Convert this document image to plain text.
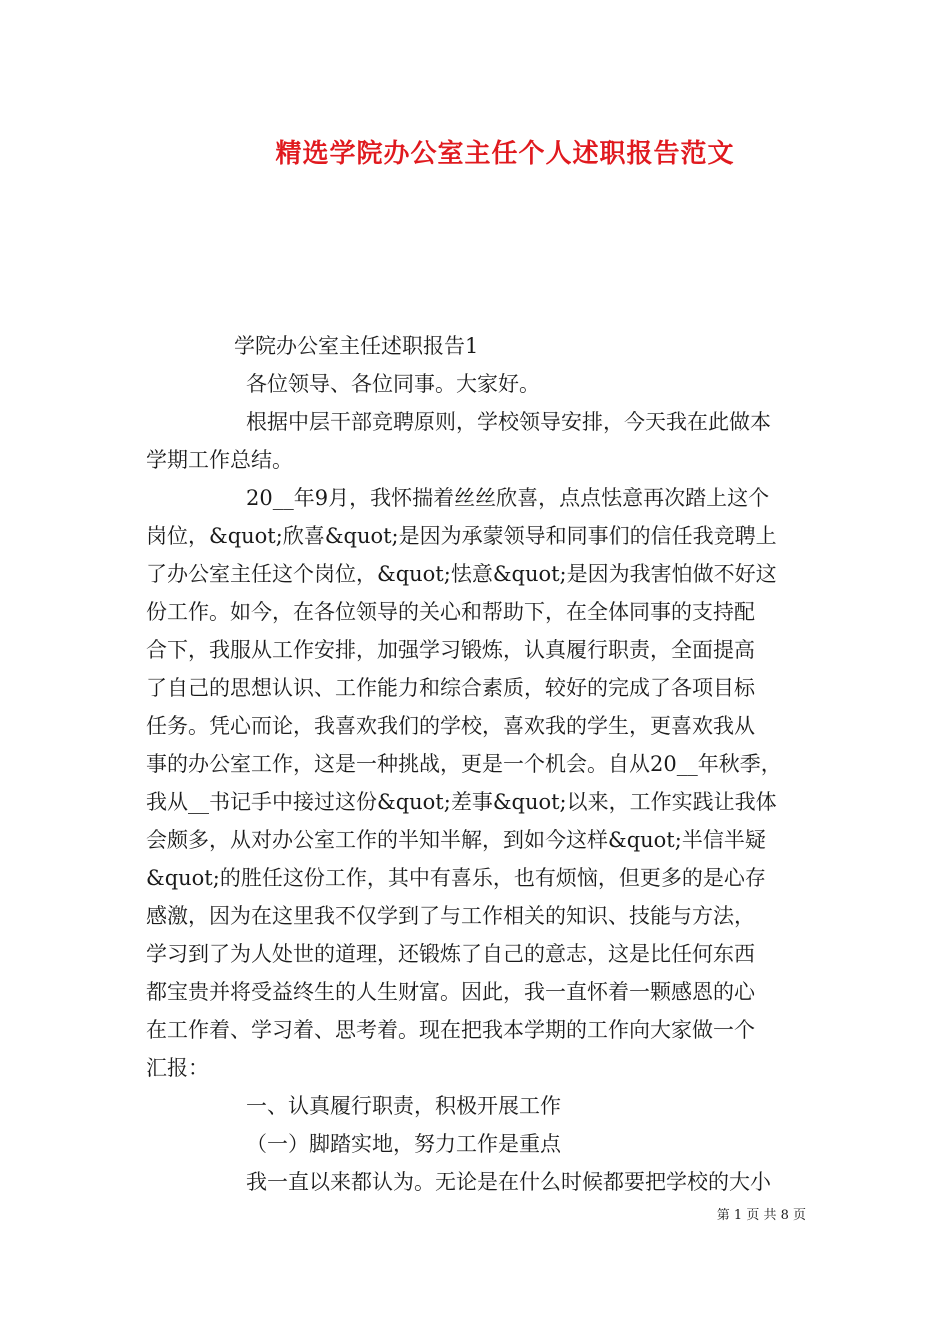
精选学院办公室主任个人述职报告范文
学院办公室主任述职报告1
各位领导、各位同事。大家好。
根据中层干部竞聘原则，学校领导安排，今天我在此做本
学期工作总结。
20__年9月，我怀揣着丝丝欣喜，点点怯意再次踏上这个
岗位，&quot;欣喜&quot;是因为承蒙领导和同事们的信任我竞聘上
了办公室主任这个岗位，&quot;怯意&quot;是因为我害怕做不好这
份工作。如今，在各位领导的关心和帮助下，在全体同事的支持配
合下，我服从工作安排，加强学习锻炼，认真履行职责，全面提高
了自己的思想认识、工作能力和综合素质，较好的完成了各项目标
任务。凭心而论，我喜欢我们的学校，喜欢我的学生，更喜欢我从
事的办公室工作，这是一种挑战，更是一个机会。自从20__年秋季，
我从__书记手中接过这份&quot;差事&quot;以来，工作实践让我体
会颇多，从对办公室工作的半知半解，到如今这样&quot;半信半疑
&quot;的胜任这份工作，其中有喜乐，也有烦恼，但更多的是心存
感激，因为在这里我不仅学到了与工作相关的知识、技能与方法，
学习到了为人处世的道理，还锻炼了自己的意志，这是比任何东西
都宝贵并将受益终生的人生财富。因此，我一直怀着一颗感恩的心
在工作着、学习着、思考着。现在把我本学期的工作向大家做一个
汇报：
一、认真履行职责，积极开展工作
（一）脚踏实地，努力工作是重点
我一直以来都认为。无论是在什么时候都要把学校的大小
第 1 页 共 8 页
